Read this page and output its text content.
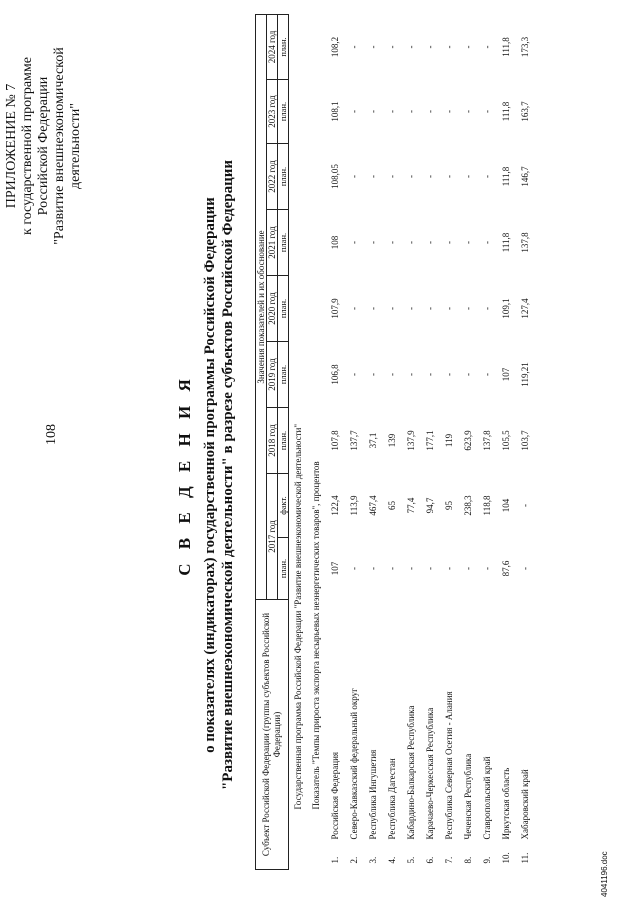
108
ПРИЛОЖЕНИЕ № 7 к государственной программе Российской Федерации "Развитие внешнеэкономической деятельности"
С В Е Д Е Н И Я о показателях (индикаторах) государственной программы Российской Федерации "Развитие внешнеэкономической деятельности" в разрезе субъектов Российской Федерации	Субъект Российской Федерации (группы субъектов Российской Федерации)		Значения показателей и их обоснование								
		2017 год		2018 год	2019 год	2020 год	2021 год	2022 год	2023 год	2024 год
		план.	факт.	план.	план.	план.	план.	план.	план.	план.
Государственная программа Российской Федерации "Развитие внешнеэкономической деятельности"										
Показатель "Темпы прироста экспорта несырьевых неэнергетических товаров", процентов										
1.	Российская Федерация	107	122,4	107,8	106,8	107,9	108	108,05	108,1	108,2
2.	Северо-Кавказский федеральный округ	-	113,9	137,7	-	-	-	-	-	-
3.	Республика Ингушетия	-	467,4	37,1	-	-	-	-	-	-
4.	Республика Дагестан	-	65	139	-	-	-	-	-	-
5.	Кабардино-Балкарская Республика	-	77,4	137,9	-	-	-	-	-	-
6.	Карачаево-Черкесская Республика	-	94,7	177,1	-	-	-	-	-	-
7.	Республика Северная Осетия - Алания	-	95	119	-	-	-	-	-	-
8.	Чеченская Республика	-	238,3	623,9	-	-	-	-	-	-
9.	Ставропольский край	-	118,8	137,8	-	-	-	-	-	-
10.	Иркутская область	87,6	104	105,5	107	109,1	111,8	111,8	111,8	111,8
11.	Хабаровский край	-	-	103,7	119,21	127,4	137,8	146,7	163,7	173,3
4041196.doc
